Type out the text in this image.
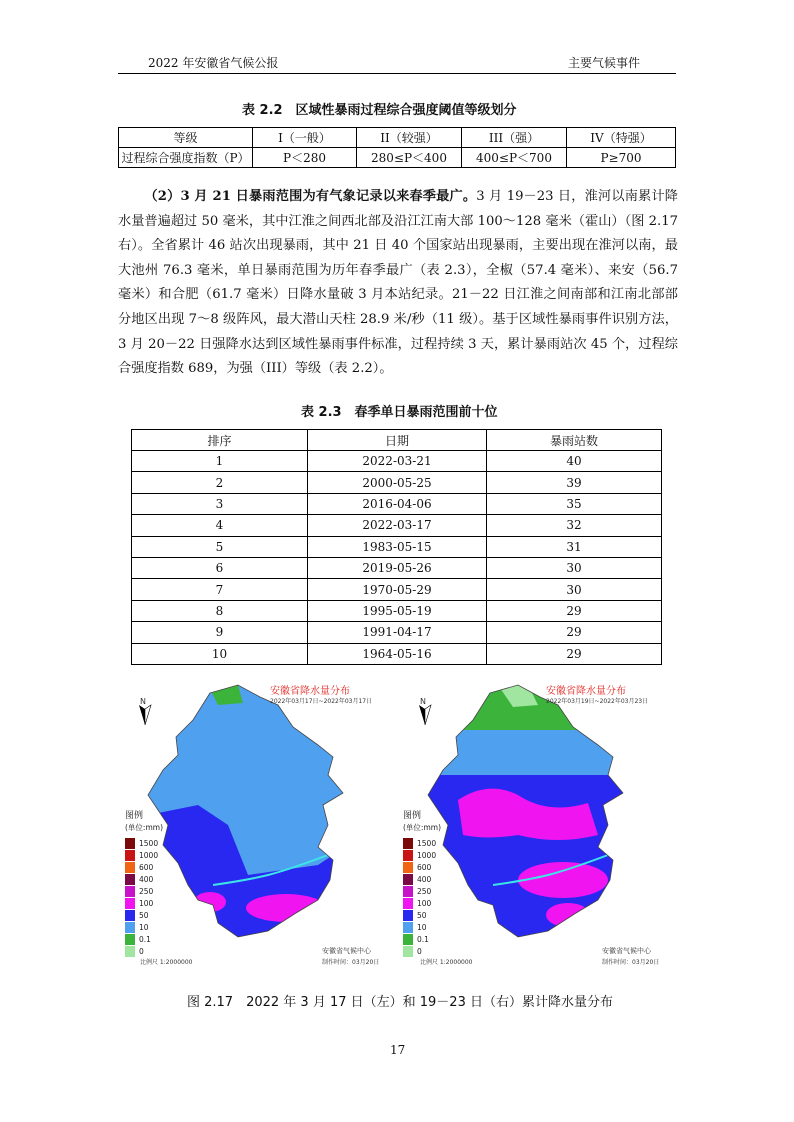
2022 年安徽省气候公报	主要气候事件
表 2.2　区域性暴雨过程综合强度阈值等级划分
等级	I（一般）	II（较强）	III（强）	IV（特强）
过程综合强度指数（P）	P＜280	280≤P＜400	400≤P＜700	P≥700

（2）3 月 21 日暴雨范围为有气象记录以来春季最广。3 月 19－23 日，淮河以南累计降水量普遍超过 50 毫米，其中江淮之间西北部及沿江江南大部 100～128 毫米（霍山）（图 2.17 右）。全省累计 46 站次出现暴雨，其中 21 日 40 个国家站出现暴雨，主要出现在淮河以南，最大池州 76.3 毫米，单日暴雨范围为历年春季最广（表 2.3），全椒（57.4 毫米）、来安（56.7 毫米）和合肥（61.7 毫米）日降水量破 3 月本站纪录。21－22 日江淮之间南部和江南北部部分地区出现 7～8 级阵风，最大潜山天柱 28.9 米/秒（11 级）。基于区域性暴雨事件识别方法，3 月 20－22 日强降水达到区域性暴雨事件标准，过程持续 3 天，累计暴雨站次 45 个，过程综合强度指数 689，为强（III）等级（表 2.2）。

表 2.3　春季单日暴雨范围前十位
排序	日期	暴雨站数
1	2022-03-21	40
2	2000-05-25	39
3	2016-04-06	35
4	2022-03-17	32
5	1983-05-15	31
6	2019-05-26	30
7	1970-05-29	30
8	1995-05-19	29
9	1991-04-17	29
10	1964-05-16	29
安徽省降水量分布
2022年03月17日~2022年03月17日
N
图例
(单位:mm)
比例尺 1:2000000
安徽省气候中心
制作时间：03月20日
安徽省降水量分布
2022年03月19日~2022年03月23日
N
图例
(单位:mm)
比例尺 1:2000000
安徽省气候中心
制作时间：03月20日
1500
1000
600
400
250
100
50
10
0.1
0
1500
1000
600
400
250
100
50
10
0.1
0
图 2.17　2022 年 3 月 17 日（左）和 19－23 日（右）累计降水量分布
17
